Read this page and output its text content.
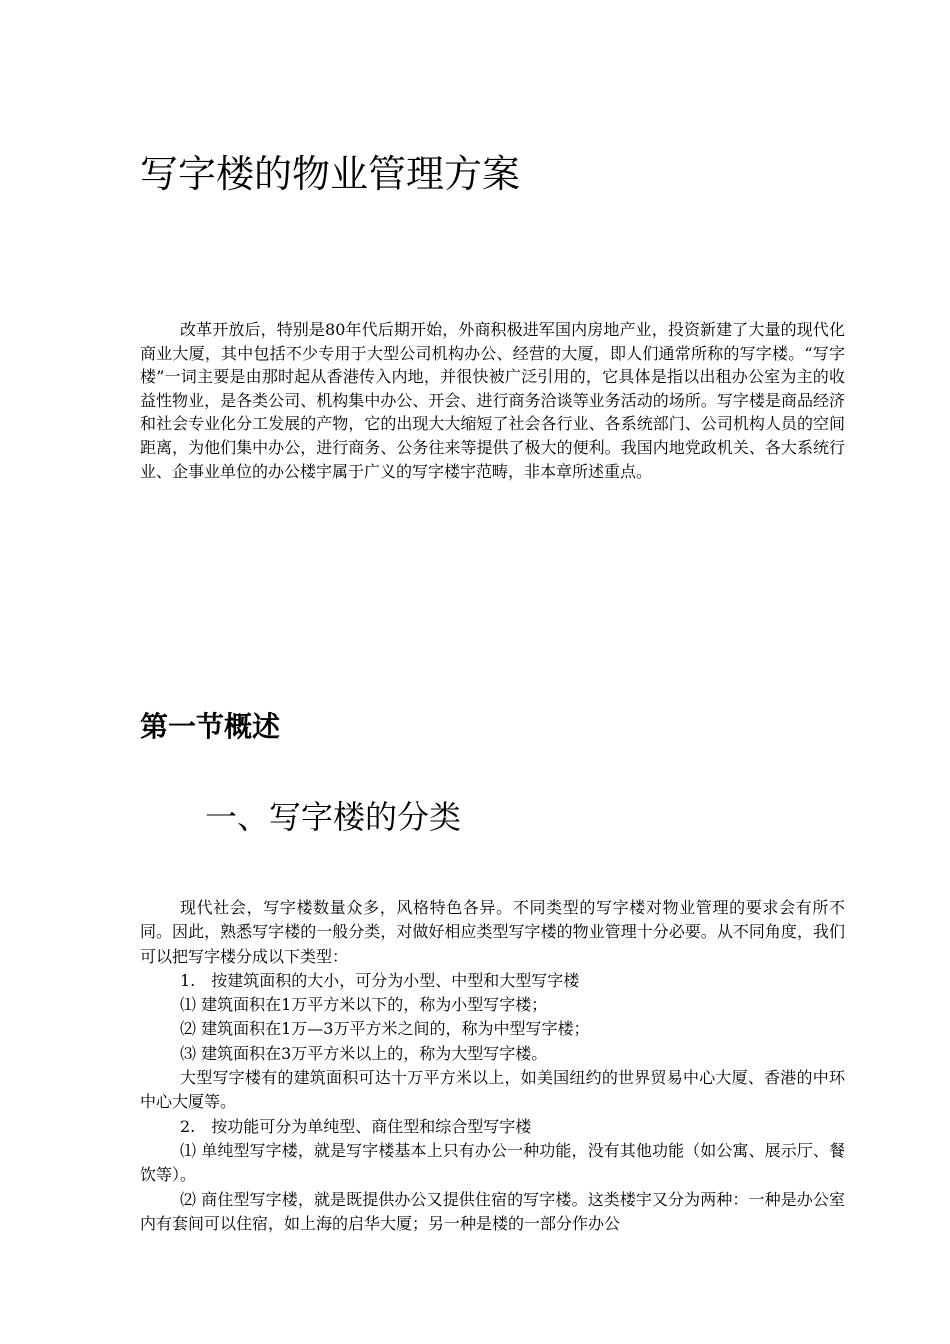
写字楼的物业管理方案

改革开放后，特别是80年代后期开始，外商积极进军国内房地产业，投资新建了大量的现代化商业大厦，其中包括不少专用于大型公司机构办公、经营的大厦，即人们通常所称的写字楼。“写字楼”一词主要是由那时起从香港传入内地，并很快被广泛引用的，它具体是指以出租办公室为主的收益性物业，是各类公司、机构集中办公、开会、进行商务洽谈等业务活动的场所。写字楼是商品经济和社会专业化分工发展的产物，它的出现大大缩短了社会各行业、各系统部门、公司机构人员的空间距离，为他们集中办公，进行商务、公务往来等提供了极大的便利。我国内地党政机关、各大系统行业、企事业单位的办公楼宇属于广义的写字楼宇范畴，非本章所述重点。

第一节概述
一、写字楼的分类

现代社会，写字楼数量众多，风格特色各异。不同类型的写字楼对物业管理的要求会有所不同。因此，熟悉写字楼的一般分类，对做好相应类型写字楼的物业管理十分必要。从不同角度，我们可以把写字楼分成以下类型：

1.　按建筑面积的大小，可分为小型、中型和大型写字楼

⑴ 建筑面积在1万平方米以下的，称为小型写字楼；

⑵ 建筑面积在1万—3万平方米之间的，称为中型写字楼；

⑶ 建筑面积在3万平方米以上的，称为大型写字楼。

大型写字楼有的建筑面积可达十万平方米以上，如美国纽约的世界贸易中心大厦、香港的中环中心大厦等。

2.　按功能可分为单纯型、商住型和综合型写字楼

⑴ 单纯型写字楼，就是写字楼基本上只有办公一种功能，没有其他功能（如公寓、展示厅、餐饮等）。

⑵ 商住型写字楼，就是既提供办公又提供住宿的写字楼。这类楼宇又分为两种：一种是办公室内有套间可以住宿，如上海的启华大厦；另一种是楼的一部分作办公
